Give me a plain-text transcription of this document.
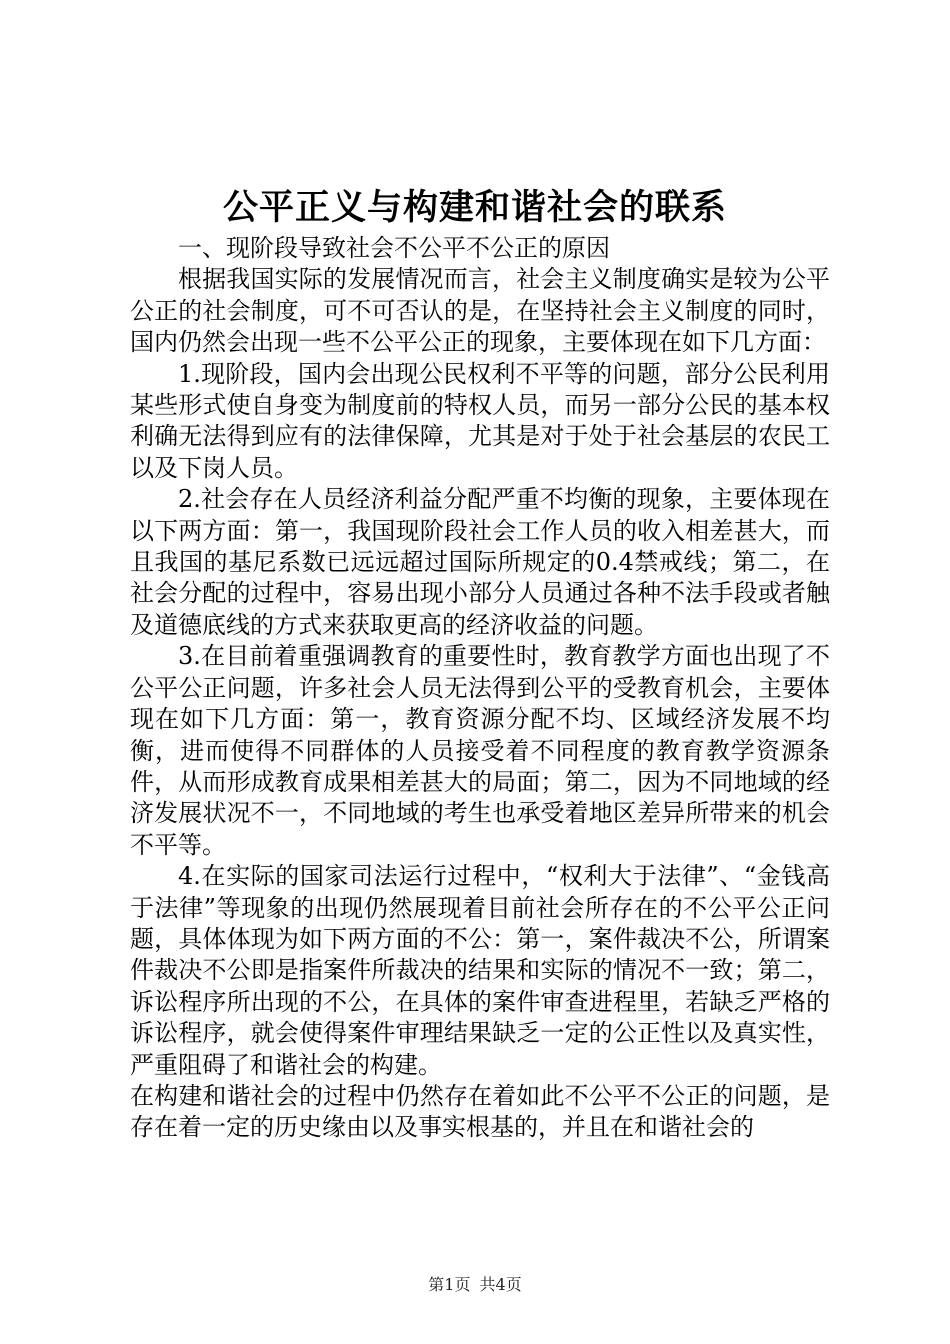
公平正义与构建和谐社会的联系

一、现阶段导致社会不公平不公正的原因

根据我国实际的发展情况而言，社会主义制度确实是较为公平公正的社会制度，可不可否认的是，在坚持社会主义制度的同时，国内仍然会出现一些不公平公正的现象，主要体现在如下几方面：

1.现阶段，国内会出现公民权利不平等的问题，部分公民利用某些形式使自身变为制度前的特权人员，而另一部分公民的基本权利确无法得到应有的法律保障，尤其是对于处于社会基层的农民工以及下岗人员。

2.社会存在人员经济利益分配严重不均衡的现象，主要体现在以下两方面：第一，我国现阶段社会工作人员的收入相差甚大，而且我国的基尼系数已远远超过国际所规定的0.4禁戒线；第二，在社会分配的过程中，容易出现小部分人员通过各种不法手段或者触及道德底线的方式来获取更高的经济收益的问题。

3.在目前着重强调教育的重要性时，教育教学方面也出现了不公平公正问题，许多社会人员无法得到公平的受教育机会，主要体现在如下几方面：第一，教育资源分配不均、区域经济发展不均衡，进而使得不同群体的人员接受着不同程度的教育教学资源条件，从而形成教育成果相差甚大的局面；第二，因为不同地域的经济发展状况不一，不同地域的考生也承受着地区差异所带来的机会不平等。

4.在实际的国家司法运行过程中，“权利大于法律”、“金钱高于法律”等现象的出现仍然展现着目前社会所存在的不公平公正问题，具体体现为如下两方面的不公：第一，案件裁决不公，所谓案件裁决不公即是指案件所裁决的结果和实际的情况不一致；第二，诉讼程序所出现的不公，在具体的案件审查进程里，若缺乏严格的诉讼程序，就会使得案件审理结果缺乏一定的公正性以及真实性，严重阻碍了和谐社会的构建。

在构建和谐社会的过程中仍然存在着如此不公平不公正的问题，是存在着一定的历史缘由以及事实根基的，并且在和谐社会的

第1页 共4页
